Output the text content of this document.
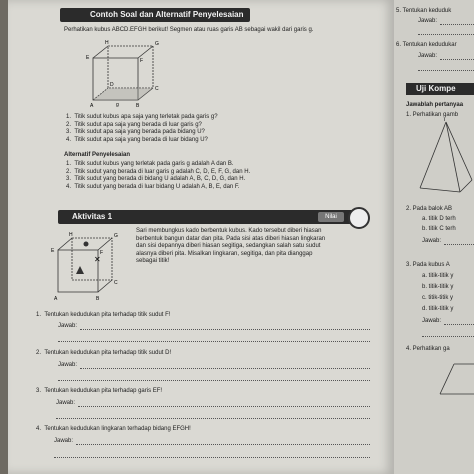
Contoh Soal dan Alternatif Penyelesaian
Perhatikan kubus ABCD.EFGH berikut! Segmen atau ruas garis AB sebagai wakil dari garis g.
H	G
E	F
D
C
A	B
g
1. Titik sudut kubus apa saja yang terletak pada garis g?
2. Titik sudut apa saja yang berada di luar garis g?
3. Titik sudut apa saja yang berada pada bidang U?
4. Titik sudut apa saja yang berada di luar bidang U?
Alternatif Penyelesaian
1. Titik sudut kubus yang terletak pada garis g adalah A dan B.
2. Titik sudut yang berada di luar garis g adalah C, D, E, F, G, dan H.
3. Titik sudut yang berada di bidang U adalah A, B, C, D, G, dan H.
4. Titik sudut yang berada di luar bidang U adalah A, B, E, dan F.
Aktivitas 1	Nilai
✕
H	G
E	F
A	B
C
Sari membungkus kado berbentuk kubus. Kado tersebut diberi hiasan
berbentuk bangun datar dan pita. Pada sisi atas diberi hiasan lingkaran
dan sisi depannya diberi hiasan segitiga, sedangkan salah satu sudut
alasnya diberi pita. Misalkan lingkaran, segitiga, dan pita dianggap
sebagai titik!
1. Tentukan kedudukan pita terhadap titik sudut F!
Jawab:
2. Tentukan kedudukan pita terhadap titik sudut D!
Jawab:
3. Tentukan kedudukan pita terhadap garis EF!
Jawab:
4. Tentukan kedudukan lingkaran terhadap bidang EFGH!
Jawab:
5. Tentukan keduduk
Jawab:
6. Tentukan kedudukar
Jawab:
Uji Kompe
Jawablah pertanyaa
1. Perhatikan gamb
T
2. Pada balok AB
a. titik D terh
b. titik C terh
Jawab:
3. Pada kubus A
a. titik-titik y
b. titik-titik y
c. titik-titik y
d. titik-titik y
Jawab:
4. Perhatikan ga
